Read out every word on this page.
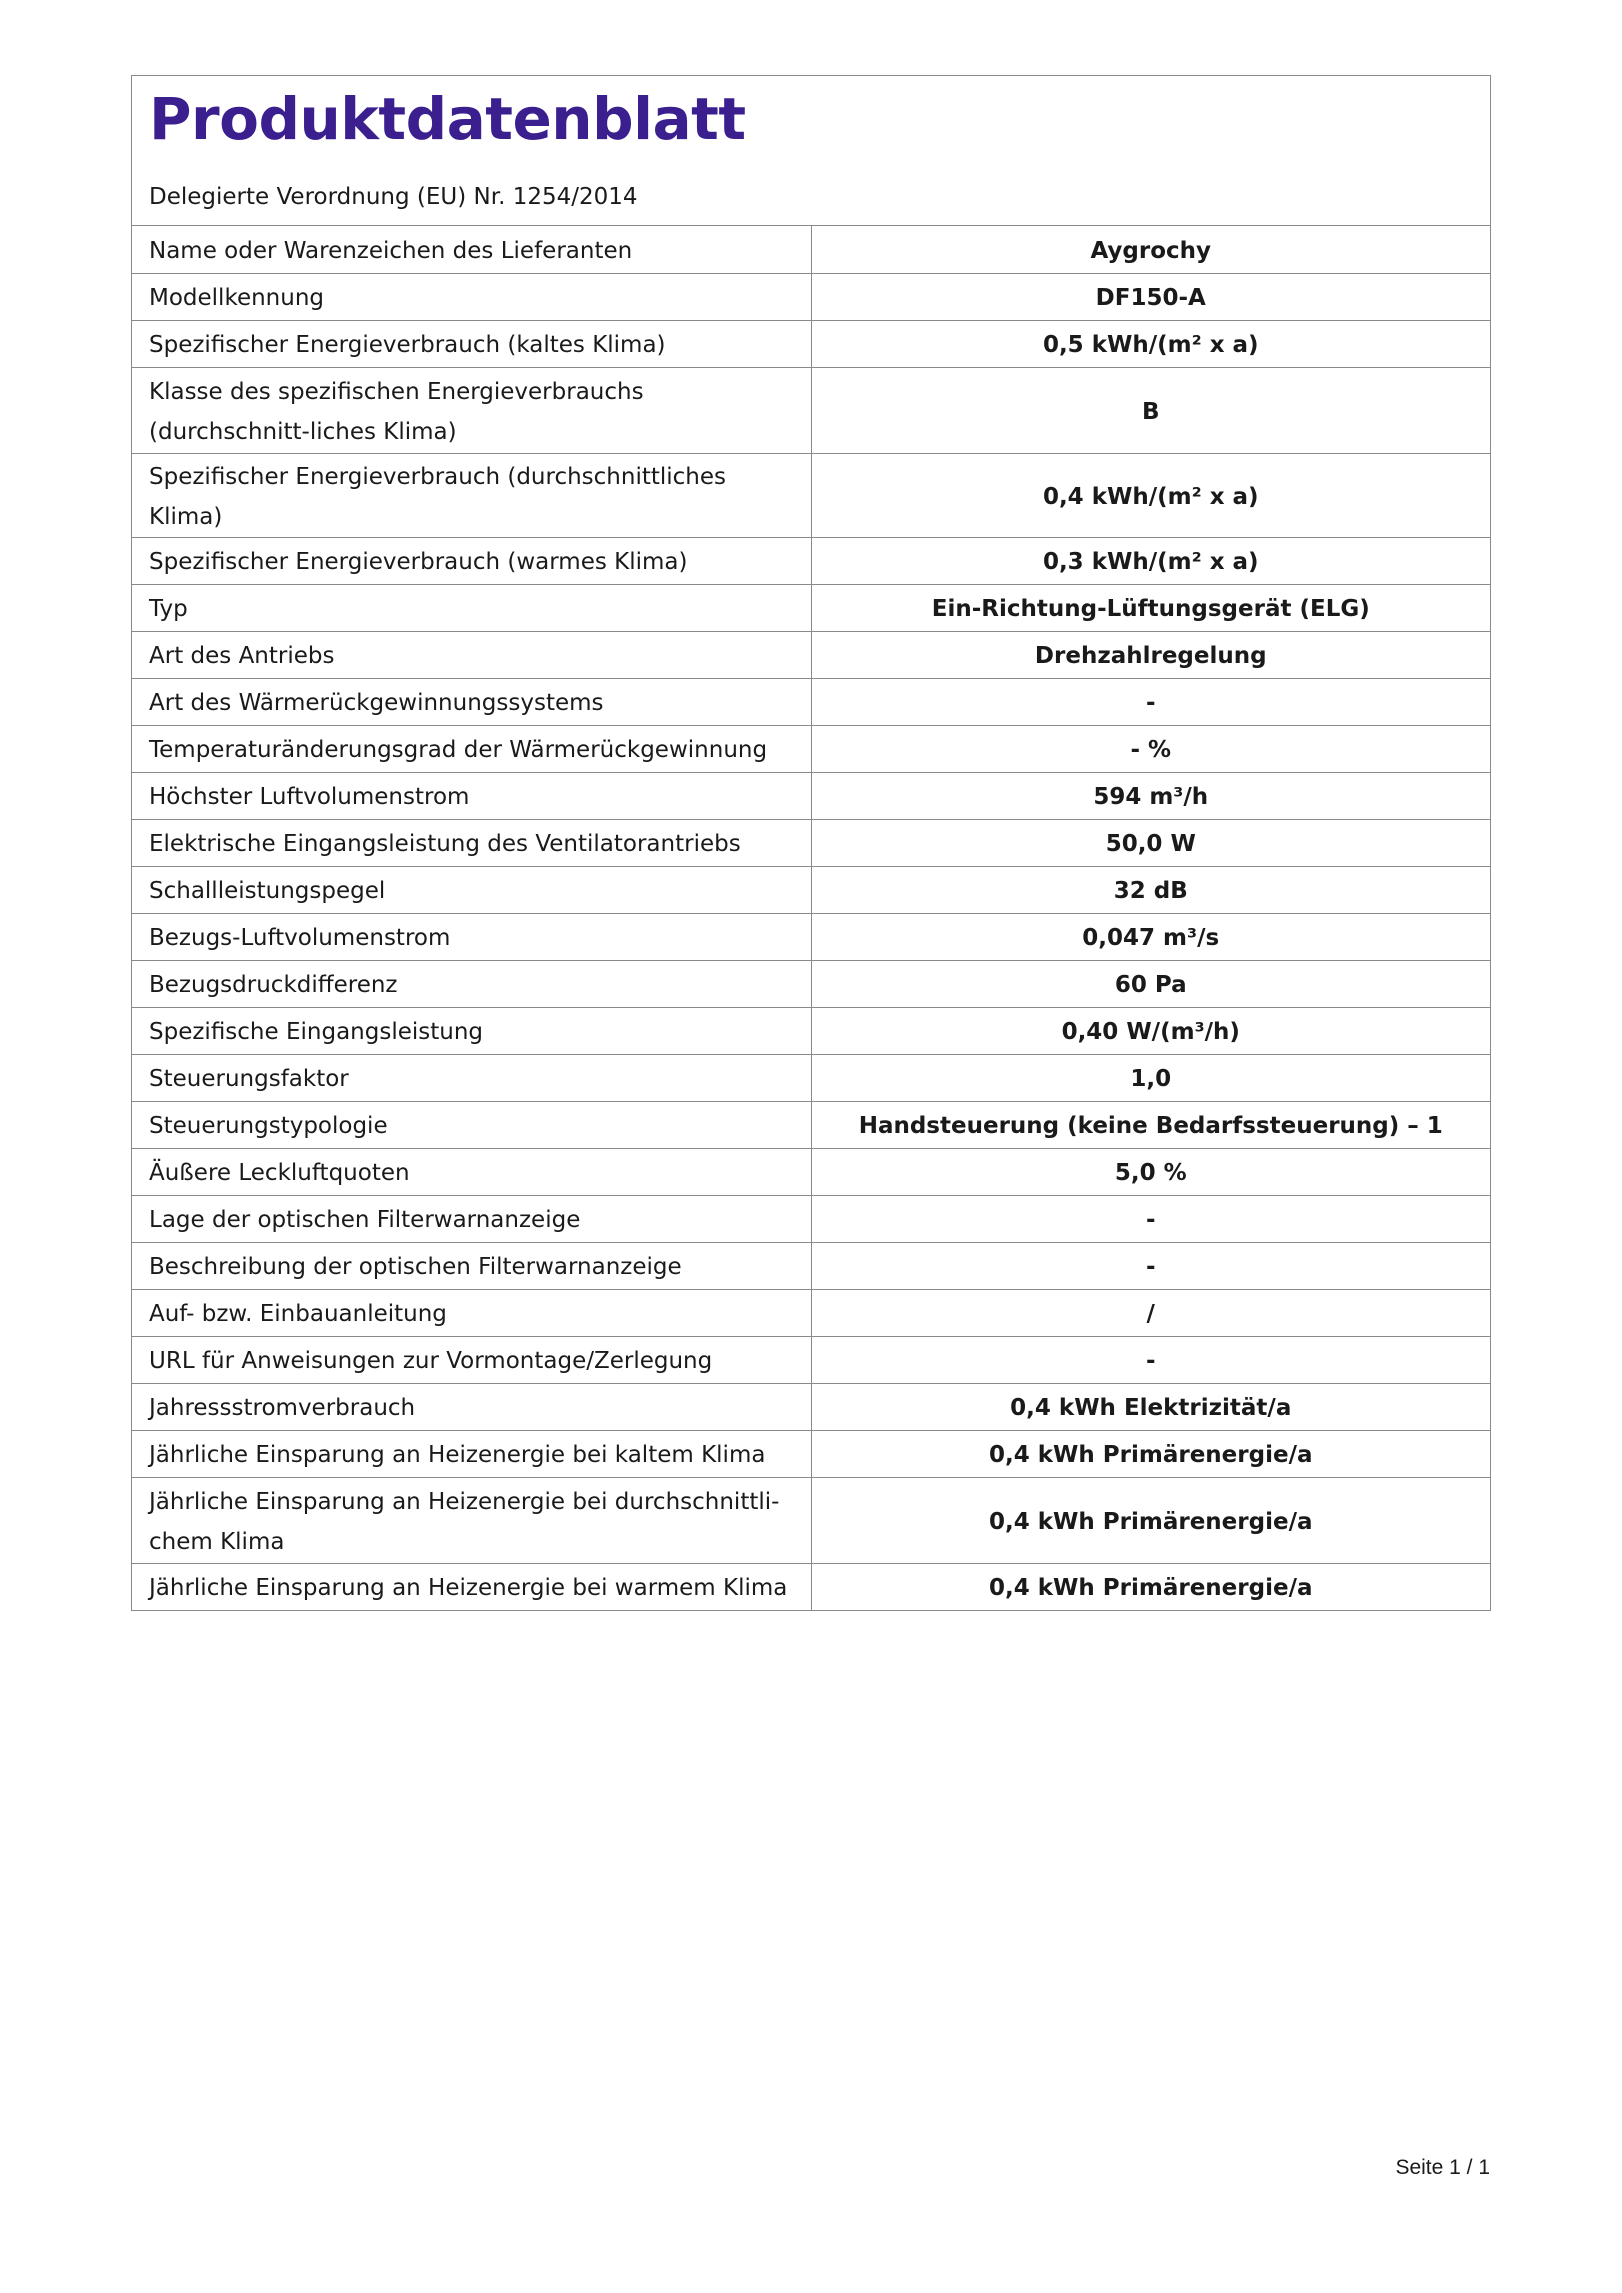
Produktdatenblatt
Delegierte Verordnung (EU) Nr. 1254/2014
Name oder Warenzeichen des Lieferanten	Aygrochy
Modellkennung	DF150-A
Spezifischer Energieverbrauch (kaltes Klima)	0,5 kWh/(m² x a)
Klasse des spezifischen Energieverbrauchs (durchschnitt-liches Klima)	B
Spezifischer Energieverbrauch (durchschnittliches Klima)	0,4 kWh/(m² x a)
Spezifischer Energieverbrauch (warmes Klima)	0,3 kWh/(m² x a)
Typ	Ein-Richtung-Lüftungsgerät (ELG)
Art des Antriebs	Drehzahlregelung
Art des Wärmerückgewinnungssystems	-
Temperaturänderungsgrad der Wärmerückgewinnung	- %
Höchster Luftvolumenstrom	594 m³/h
Elektrische Eingangsleistung des Ventilatorantriebs	50,0 W
Schallleistungspegel	32 dB
Bezugs-Luftvolumenstrom	0,047 m³/s
Bezugsdruckdifferenz	60 Pa
Spezifische Eingangsleistung	0,40 W/(m³/h)
Steuerungsfaktor	1,0
Steuerungstypologie	Handsteuerung (keine Bedarfssteuerung) – 1
Äußere Leckluftquoten	5,0 %
Lage der optischen Filterwarnanzeige	-
Beschreibung der optischen Filterwarnanzeige	-
Auf- bzw. Einbauanleitung	/
URL für Anweisungen zur Vormontage/Zerlegung	-
Jahressstromverbrauch	0,4 kWh Elektrizität/a
Jährliche Einsparung an Heizenergie bei kaltem Klima	0,4 kWh Primärenergie/a
Jährliche Einsparung an Heizenergie bei durchschnittli-chem Klima	0,4 kWh Primärenergie/a
Jährliche Einsparung an Heizenergie bei warmem Klima	0,4 kWh Primärenergie/a
Seite 1 / 1
